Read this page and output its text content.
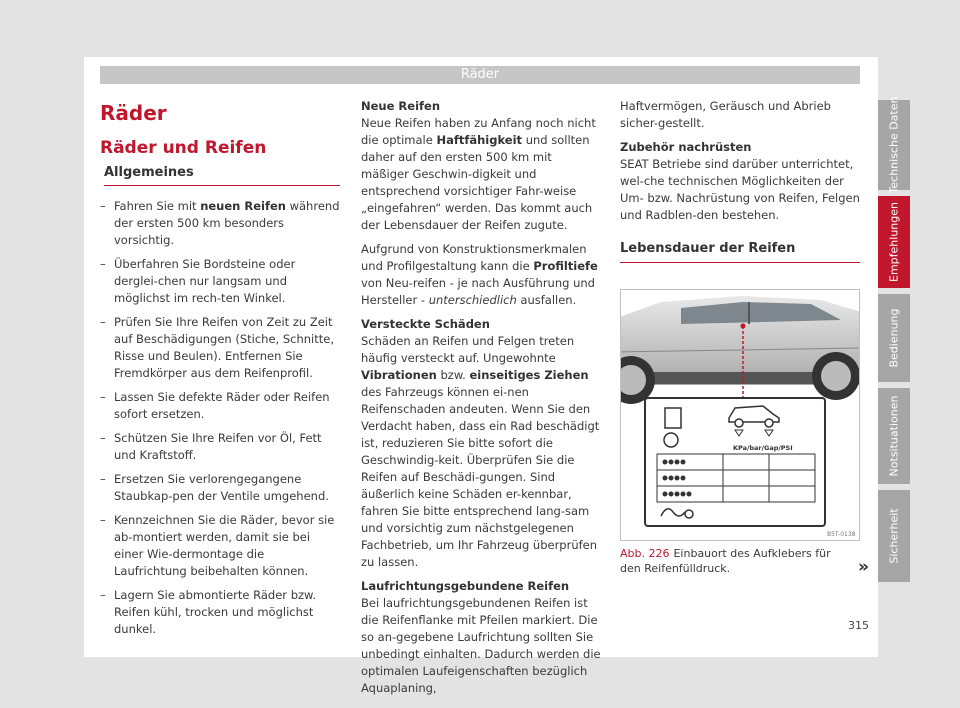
Räder
Räder
Räder und Reifen
Allgemeines
– Fahren Sie mit neuen Reifen während der ersten 500 km besonders vorsichtig.
– Überfahren Sie Bordsteine oder derglei-chen nur langsam und möglichst im rech-ten Winkel.
– Prüfen Sie Ihre Reifen von Zeit zu Zeit auf Beschädigungen (Stiche, Schnitte, Risse und Beulen). Entfernen Sie Fremdkörper aus dem Reifenprofil.
– Lassen Sie defekte Räder oder Reifen sofort ersetzen.
– Schützen Sie Ihre Reifen vor Öl, Fett und Kraftstoff.
– Ersetzen Sie verlorengegangene Staubkap-pen der Ventile umgehend.
– Kennzeichnen Sie die Räder, bevor sie ab-montiert werden, damit sie bei einer Wie-dermontage die Laufrichtung beibehalten können.
– Lagern Sie abmontierte Räder bzw. Reifen kühl, trocken und möglichst dunkel.
Neue Reifen
Neue Reifen haben zu Anfang noch nicht die optimale Haftfähigkeit und sollten daher auf den ersten 500 km mit mäßiger Geschwin-digkeit und entsprechend vorsichtiger Fahr-weise „eingefahren“ werden. Das kommt auch der Lebensdauer der Reifen zugute.
Aufgrund von Konstruktionsmerkmalen und Profilgestaltung kann die Profiltiefe von Neu-reifen - je nach Ausführung und Hersteller - unterschiedlich ausfallen.
Versteckte Schäden
Schäden an Reifen und Felgen treten häufig versteckt auf. Ungewohnte Vibrationen bzw. einseitiges Ziehen des Fahrzeugs können ei-nen Reifenschaden andeuten. Wenn Sie den Verdacht haben, dass ein Rad beschädigt ist, reduzieren Sie bitte sofort die Geschwindig-keit. Überprüfen Sie die Reifen auf Beschädi-gungen. Sind äußerlich keine Schäden er-kennbar, fahren Sie bitte entsprechend lang-sam und vorsichtig zum nächstgelegenen Fachbetrieb, um Ihr Fahrzeug überprüfen zu lassen.
Laufrichtungsgebundene Reifen
Bei laufrichtungsgebundenen Reifen ist die Reifenflanke mit Pfeilen markiert. Die so an-gegebene Laufrichtung sollten Sie unbedingt einhalten. Dadurch werden die optimalen Laufeigenschaften bezüglich Aquaplaning,
Haftvermögen, Geräusch und Abrieb sicher-gestellt.
Zubehör nachrüsten
SEAT Betriebe sind darüber unterrichtet, wel-che technischen Möglichkeiten der Um- bzw. Nachrüstung von Reifen, Felgen und Radblen-den bestehen.
Lebensdauer der Reifen
KPa/bar/Gap/PSI
B5T-0138
Abb. 226 Einbauort des Aufklebers für den Reifenfülldruck.	»
315
Technische Daten
Empfehlungen
Bedienung
Notsituationen
Sicherheit
